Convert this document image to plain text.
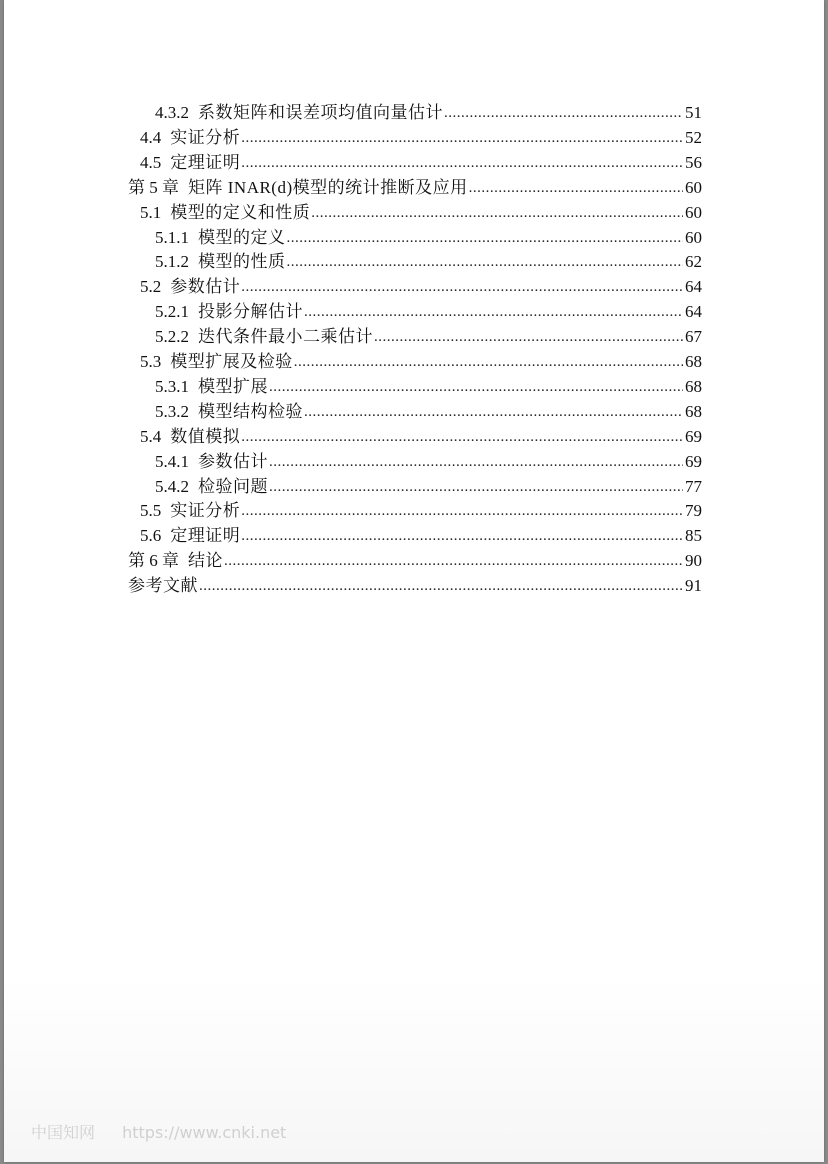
4.3.2 系数矩阵和误差项均值向量估计 .....	51
4.4 实证分析 .....	52
4.5 定理证明 .....	56
第 5 章 矩阵 INAR(d)模型的统计推断及应用 .....	60
5.1 模型的定义和性质 .....	60
5.1.1 模型的定义 .....	60
5.1.2 模型的性质 .....	62
5.2 参数估计 .....	64
5.2.1 投影分解估计 .....	64
5.2.2 迭代条件最小二乘估计 .....	67
5.3 模型扩展及检验 .....	68
5.3.1 模型扩展 .....	68
5.3.2 模型结构检验 .....	68
5.4 数值模拟 .....	69
5.4.1 参数估计 .....	69
5.4.2 检验问题 .....	77
5.5 实证分析 .....	79
5.6 定理证明 .....	85
第 6 章 结论 .....	90
参考文献 .....	91
中国知网 https://www.cnki.net
